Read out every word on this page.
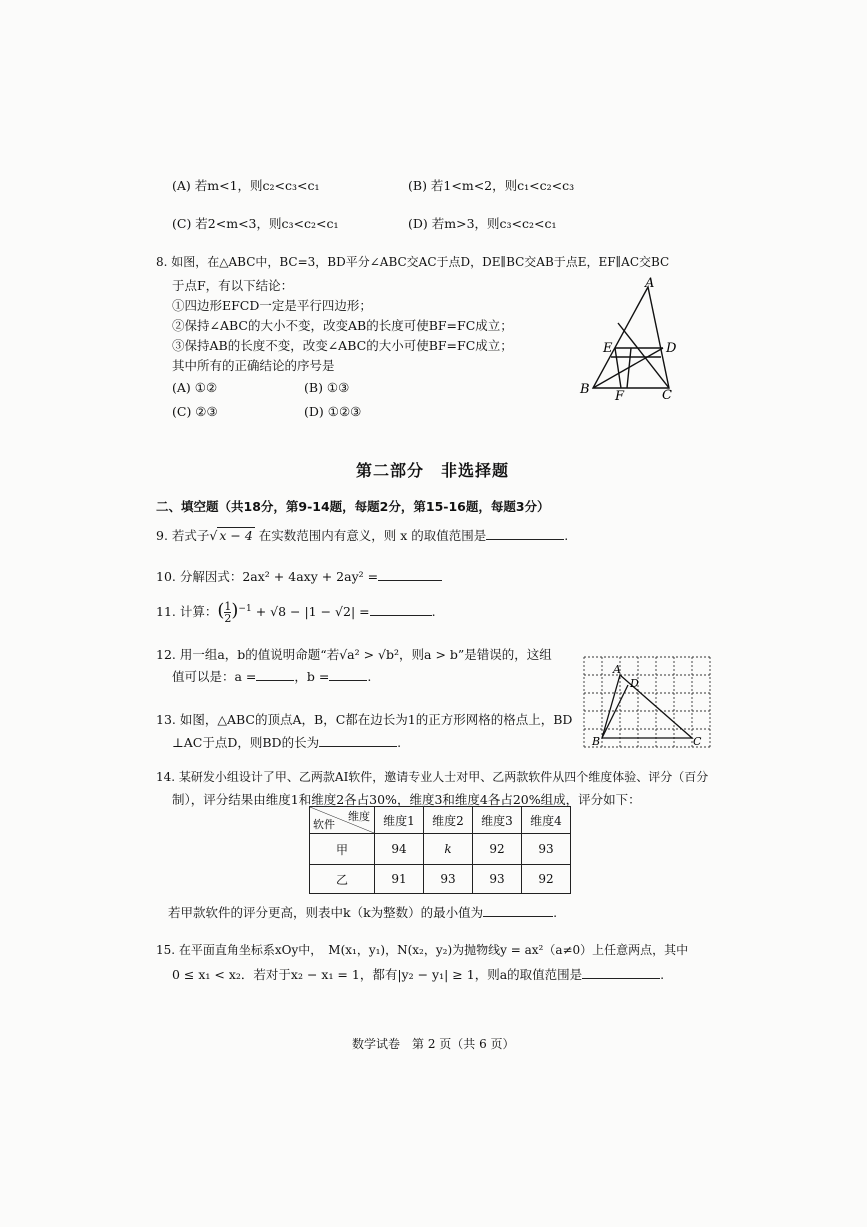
(A) 若m<1，则c₂<c₃<c₁	(B) 若1<m<2，则c₁<c₂<c₃
(C) 若2<m<3，则c₃<c₂<c₁	(D) 若m>3，则c₃<c₂<c₁
8. 如图，在△ABC中，BC=3，BD平分∠ABC交AC于点D，DE∥BC交AB于点E，EF∥AC交BC
于点F，有以下结论：
①四边形EFCD一定是平行四边形；
②保持∠ABC的大小不变，改变AB的长度可使BF=FC成立；
③保持AB的长度不变，改变∠ABC的大小可使BF=FC成立；
其中所有的正确结论的序号是
(A) ①②	(B) ①③
(C) ②③	(D) ①②③
A
B	C
D
E
F
第二部分　非选择题
二、填空题（共18分，第9-14题，每题2分，第15-16题，每题3分）
9. 若式子√ x − 4 在实数范围内有意义，则 x 的取值范围是	.
10. 分解因式：2ax² + 4axy + 2ay² =
11. 计算：( $\frac{1}{2} )^{-1} + √8 - |1 - √2|$ =	.
12. 用一组a，b的值说明命题“若√a² > √b²，则a > b”是错误的，这组
值可以是：a =	，b =	.
13. 如图，△ABC的顶点A，B，C都在边长为1的正方形网格的格点上，BD
⊥AC于点D，则BD的长为	.
A
B	C
D
14. 某研发小组设计了甲、乙两款AI软件，邀请专业人士对甲、乙两款软件从四个维度体验、评分（百分
制），评分结果由维度1和维度2各占30%，维度3和维度4各占20%组成，评分如下：
维度
软件	维度1	维度2	维度3	维度4
甲	94	k	92	93
乙	91	93	93	92
若甲款软件的评分更高，则表中k（k为整数）的最小值为	.
15. 在平面直角坐标系xOy中，　M(x₁，y₁)，N(x₂，y₂)为抛物线y = ax²（a≠0）上任意两点，其中
0 ≤ x₁ < x₂．若对于x₂ − x₁ = 1，都有|y₂ − y₁| ≥ 1，则a的取值范围是	.
数学试卷　第 2 页（共 6 页）
